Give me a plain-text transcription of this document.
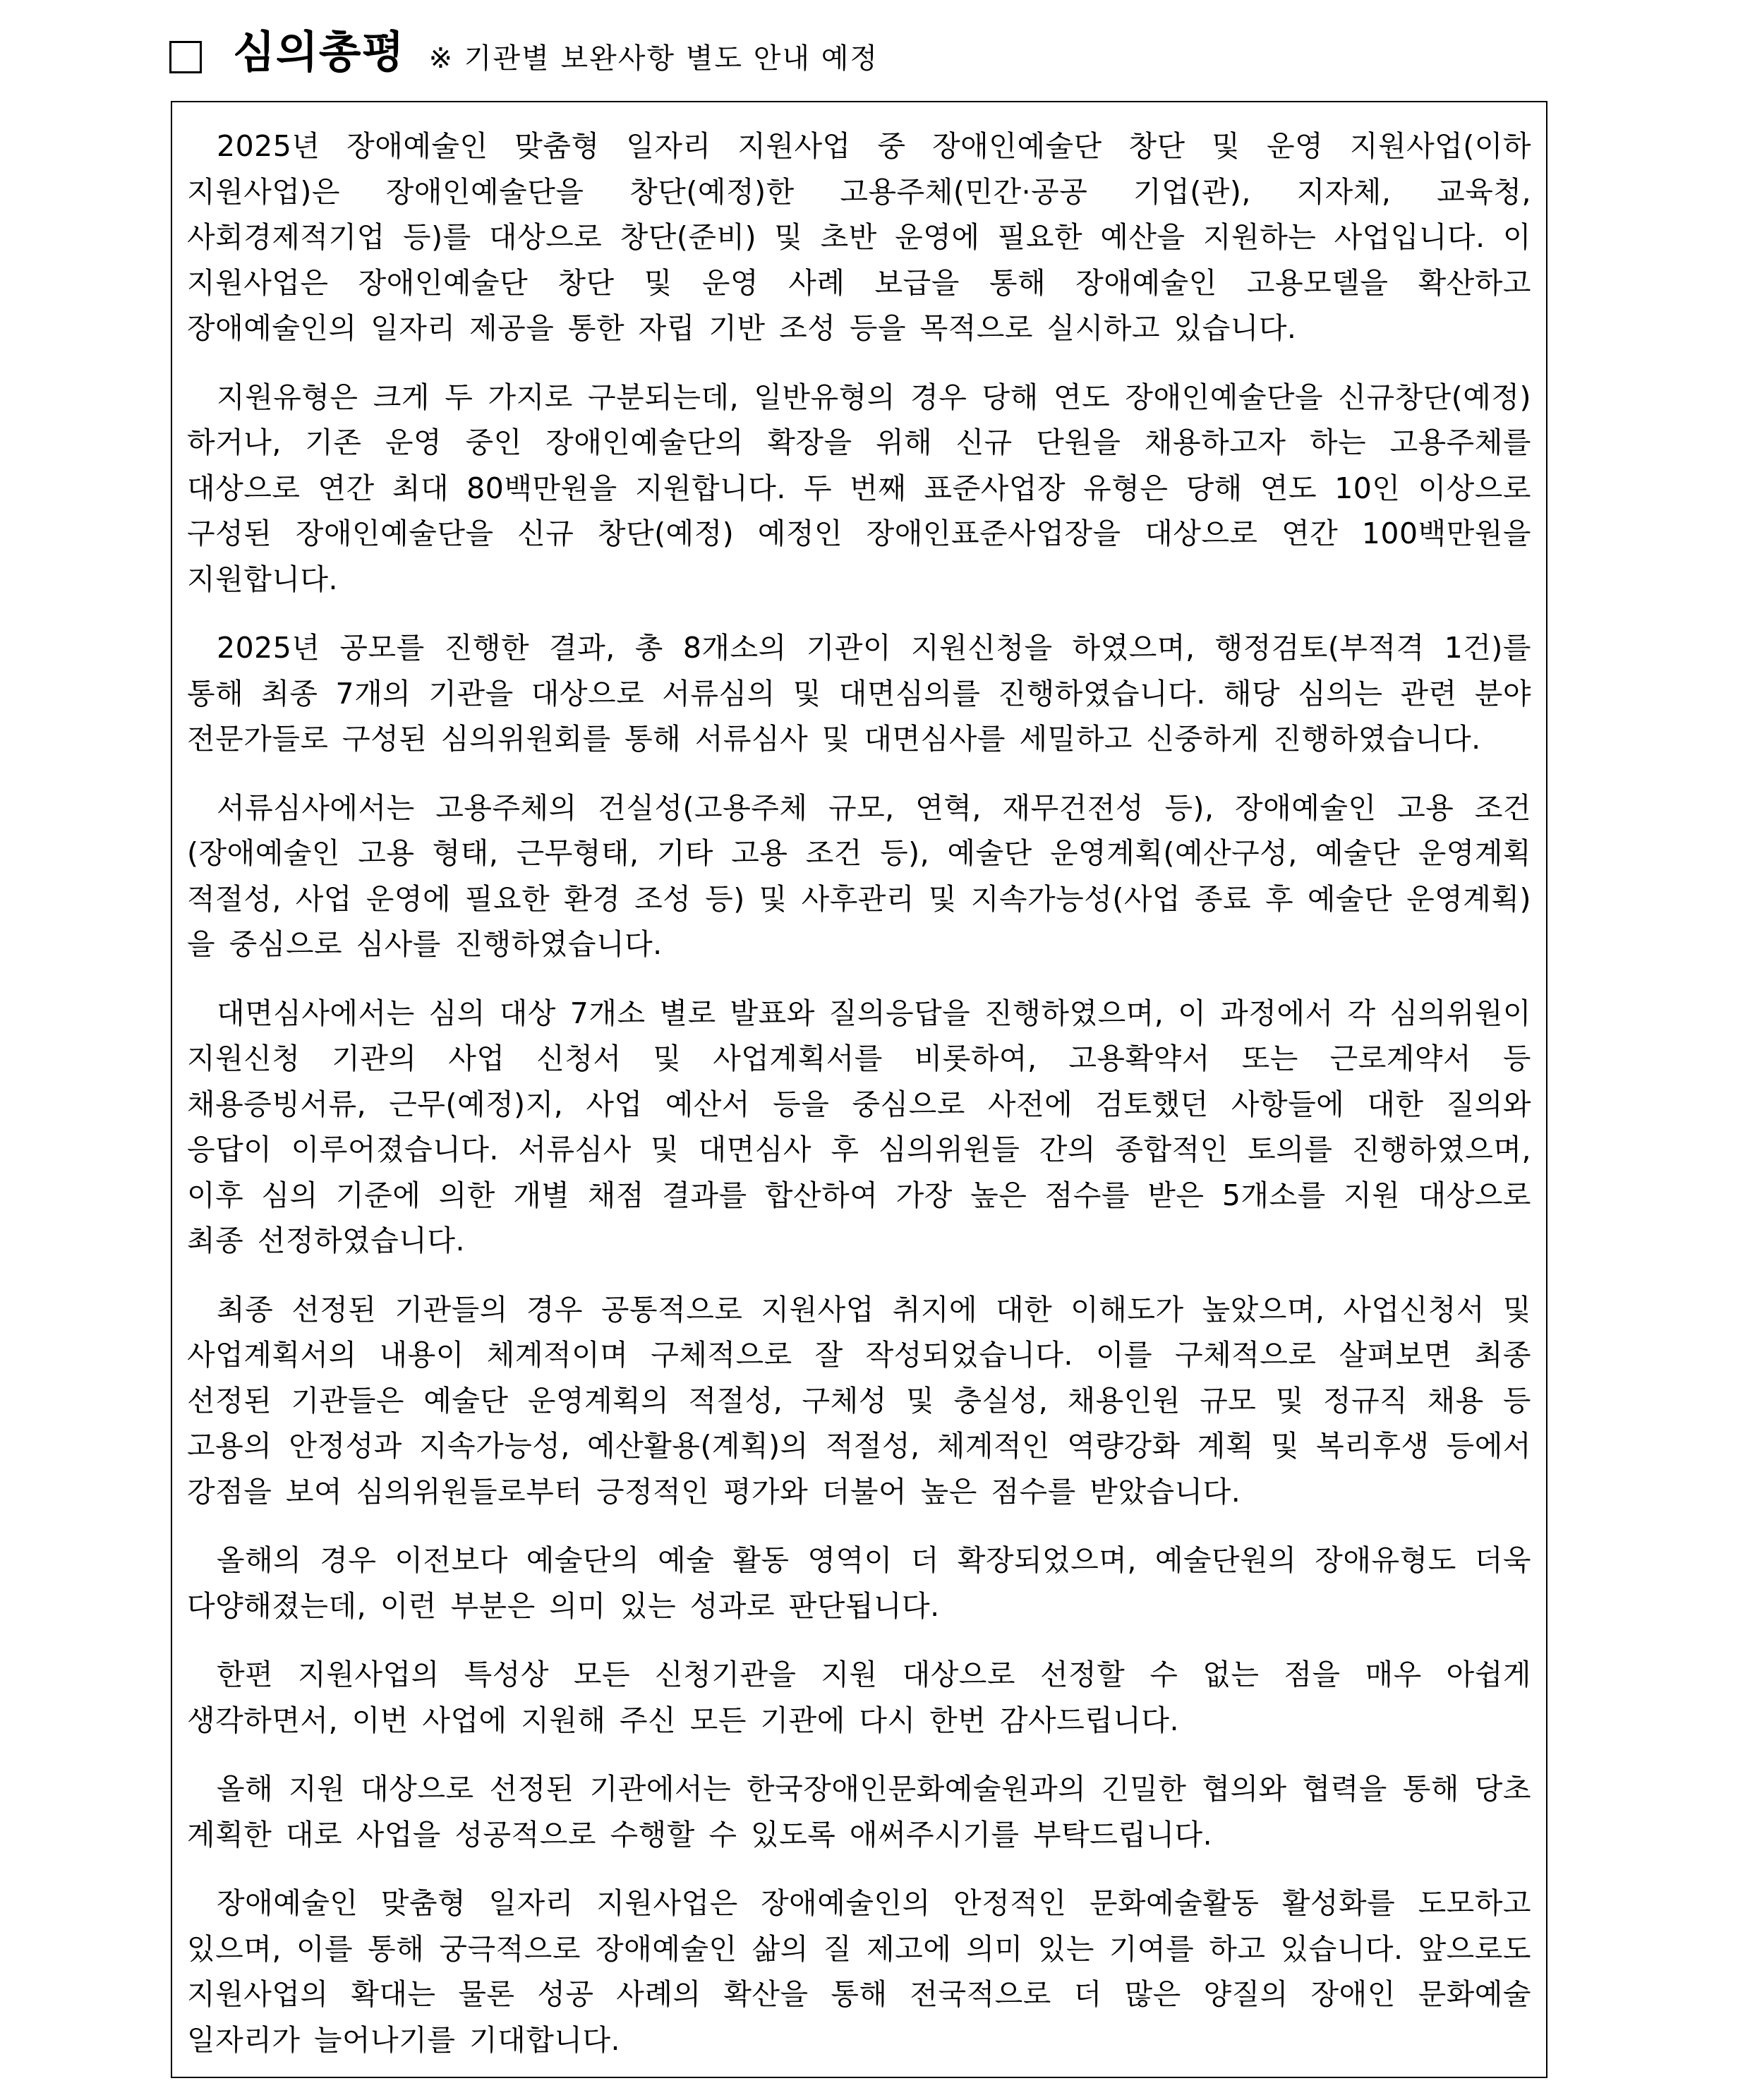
심의총평 ※ 기관별 보완사항 별도 안내 예정

2025년 장애예술인 맞춤형 일자리 지원사업 중 장애인예술단 창단 및 운영 지원사업(이하 지원사업)은 장애인예술단을 창단(예정)한 고용주체(민간·공공 기업(관), 지자체, 교육청, 사회경제적기업 등)를 대상으로 창단(준비) 및 초반 운영에 필요한 예산을 지원하는 사업입니다. 이 지원사업은 장애인예술단 창단 및 운영 사례 보급을 통해 장애예술인 고용모델을 확산하고 장애예술인의 일자리 제공을 통한 자립 기반 조성 등을 목적으로 실시하고 있습니다.

지원유형은 크게 두 가지로 구분되는데, 일반유형의 경우 당해 연도 장애인예술단을 신규창단(예정) 하거나, 기존 운영 중인 장애인예술단의 확장을 위해 신규 단원을 채용하고자 하는 고용주체를 대상으로 연간 최대 80백만원을 지원합니다. 두 번째 표준사업장 유형은 당해 연도 10인 이상으로 구성된 장애인예술단을 신규 창단(예정) 예정인 장애인표준사업장을 대상으로 연간 100백만원을 지원합니다.

2025년 공모를 진행한 결과, 총 8개소의 기관이 지원신청을 하였으며, 행정검토(부적격 1건)를 통해 최종 7개의 기관을 대상으로 서류심의 및 대면심의를 진행하였습니다. 해당 심의는 관련 분야 전문가들로 구성된 심의위원회를 통해 서류심사 및 대면심사를 세밀하고 신중하게 진행하였습니다.

서류심사에서는 고용주체의 건실성(고용주체 규모, 연혁, 재무건전성 등), 장애예술인 고용 조건(장애예술인 고용 형태, 근무형태, 기타 고용 조건 등), 예술단 운영계획(예산구성, 예술단 운영계획 적절성, 사업 운영에 필요한 환경 조성 등) 및 사후관리 및 지속가능성(사업 종료 후 예술단 운영계획)을 중심으로 심사를 진행하였습니다.

대면심사에서는 심의 대상 7개소 별로 발표와 질의응답을 진행하였으며, 이 과정에서 각 심의위원이 지원신청 기관의 사업 신청서 및 사업계획서를 비롯하여, 고용확약서 또는 근로계약서 등 채용증빙서류, 근무(예정)지, 사업 예산서 등을 중심으로 사전에 검토했던 사항들에 대한 질의와 응답이 이루어졌습니다. 서류심사 및 대면심사 후 심의위원들 간의 종합적인 토의를 진행하였으며, 이후 심의 기준에 의한 개별 채점 결과를 합산하여 가장 높은 점수를 받은 5개소를 지원 대상으로 최종 선정하였습니다.

최종 선정된 기관들의 경우 공통적으로 지원사업 취지에 대한 이해도가 높았으며, 사업신청서 및 사업계획서의 내용이 체계적이며 구체적으로 잘 작성되었습니다. 이를 구체적으로 살펴보면 최종 선정된 기관들은 예술단 운영계획의 적절성, 구체성 및 충실성, 채용인원 규모 및 정규직 채용 등 고용의 안정성과 지속가능성, 예산활용(계획)의 적절성, 체계적인 역량강화 계획 및 복리후생 등에서 강점을 보여 심의위원들로부터 긍정적인 평가와 더불어 높은 점수를 받았습니다.

올해의 경우 이전보다 예술단의 예술 활동 영역이 더 확장되었으며, 예술단원의 장애유형도 더욱 다양해졌는데, 이런 부분은 의미 있는 성과로 판단됩니다.

한편 지원사업의 특성상 모든 신청기관을 지원 대상으로 선정할 수 없는 점을 매우 아쉽게 생각하면서, 이번 사업에 지원해 주신 모든 기관에 다시 한번 감사드립니다.

올해 지원 대상으로 선정된 기관에서는 한국장애인문화예술원과의 긴밀한 협의와 협력을 통해 당초 계획한 대로 사업을 성공적으로 수행할 수 있도록 애써주시기를 부탁드립니다.

장애예술인 맞춤형 일자리 지원사업은 장애예술인의 안정적인 문화예술활동 활성화를 도모하고 있으며, 이를 통해 궁극적으로 장애예술인 삶의 질 제고에 의미 있는 기여를 하고 있습니다. 앞으로도 지원사업의 확대는 물론 성공 사례의 확산을 통해 전국적으로 더 많은 양질의 장애인 문화예술 일자리가 늘어나기를 기대합니다.
